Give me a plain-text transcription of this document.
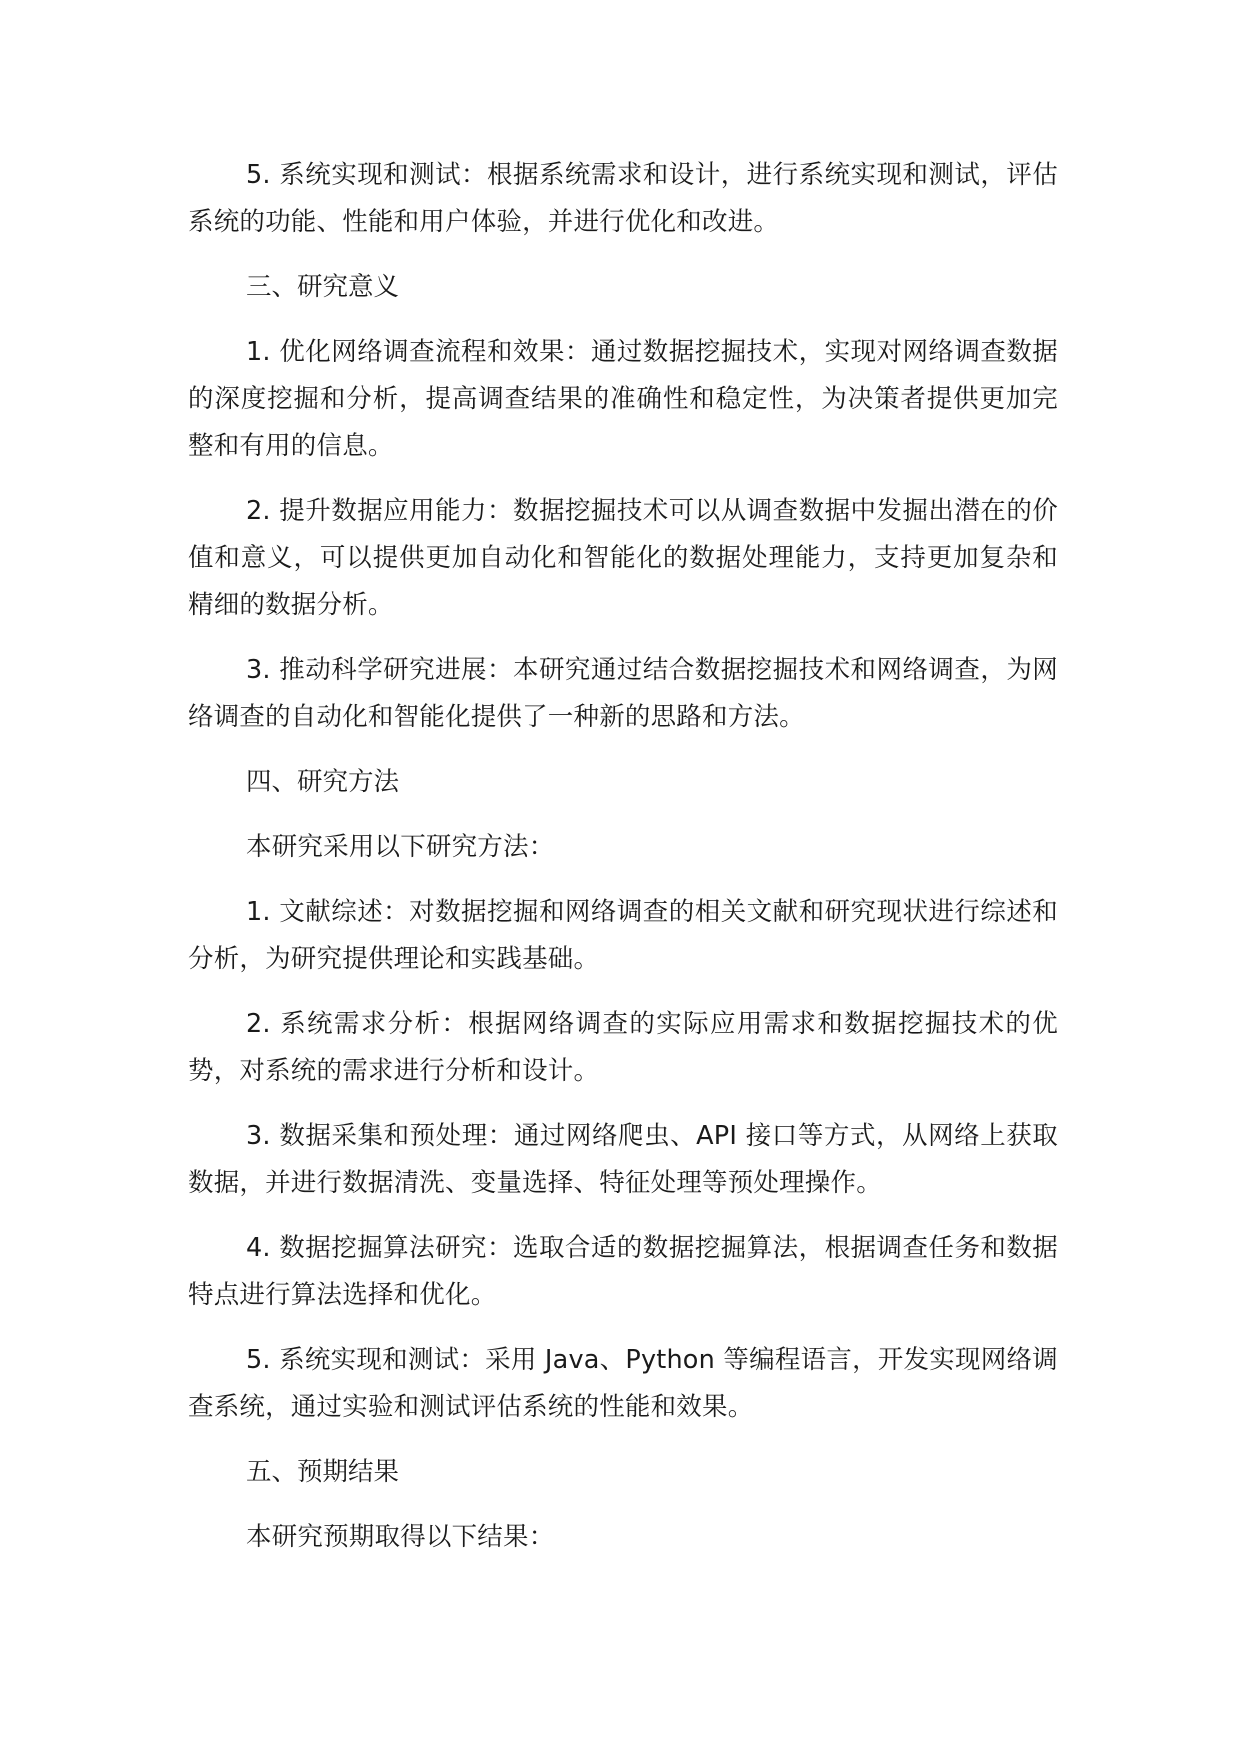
5. 系统实现和测试：根据系统需求和设计，进行系统实现和测试，评估系统的功能、性能和用户体验，并进行优化和改进。

三、研究意义

1. 优化网络调查流程和效果：通过数据挖掘技术，实现对网络调查数据的深度挖掘和分析，提高调查结果的准确性和稳定性，为决策者提供更加完整和有用的信息。

2. 提升数据应用能力：数据挖掘技术可以从调查数据中发掘出潜在的价值和意义，可以提供更加自动化和智能化的数据处理能力，支持更加复杂和精细的数据分析。

3. 推动科学研究进展：本研究通过结合数据挖掘技术和网络调查，为网络调查的自动化和智能化提供了一种新的思路和方法。

四、研究方法

本研究采用以下研究方法：

1. 文献综述：对数据挖掘和网络调查的相关文献和研究现状进行综述和分析，为研究提供理论和实践基础。

2. 系统需求分析：根据网络调查的实际应用需求和数据挖掘技术的优势，对系统的需求进行分析和设计。

3. 数据采集和预处理：通过网络爬虫、API 接口等方式，从网络上获取数据，并进行数据清洗、变量选择、特征处理等预处理操作。

4. 数据挖掘算法研究：选取合适的数据挖掘算法，根据调查任务和数据特点进行算法选择和优化。

5. 系统实现和测试：采用 Java、Python 等编程语言，开发实现网络调查系统，通过实验和测试评估系统的性能和效果。

五、预期结果

本研究预期取得以下结果：
